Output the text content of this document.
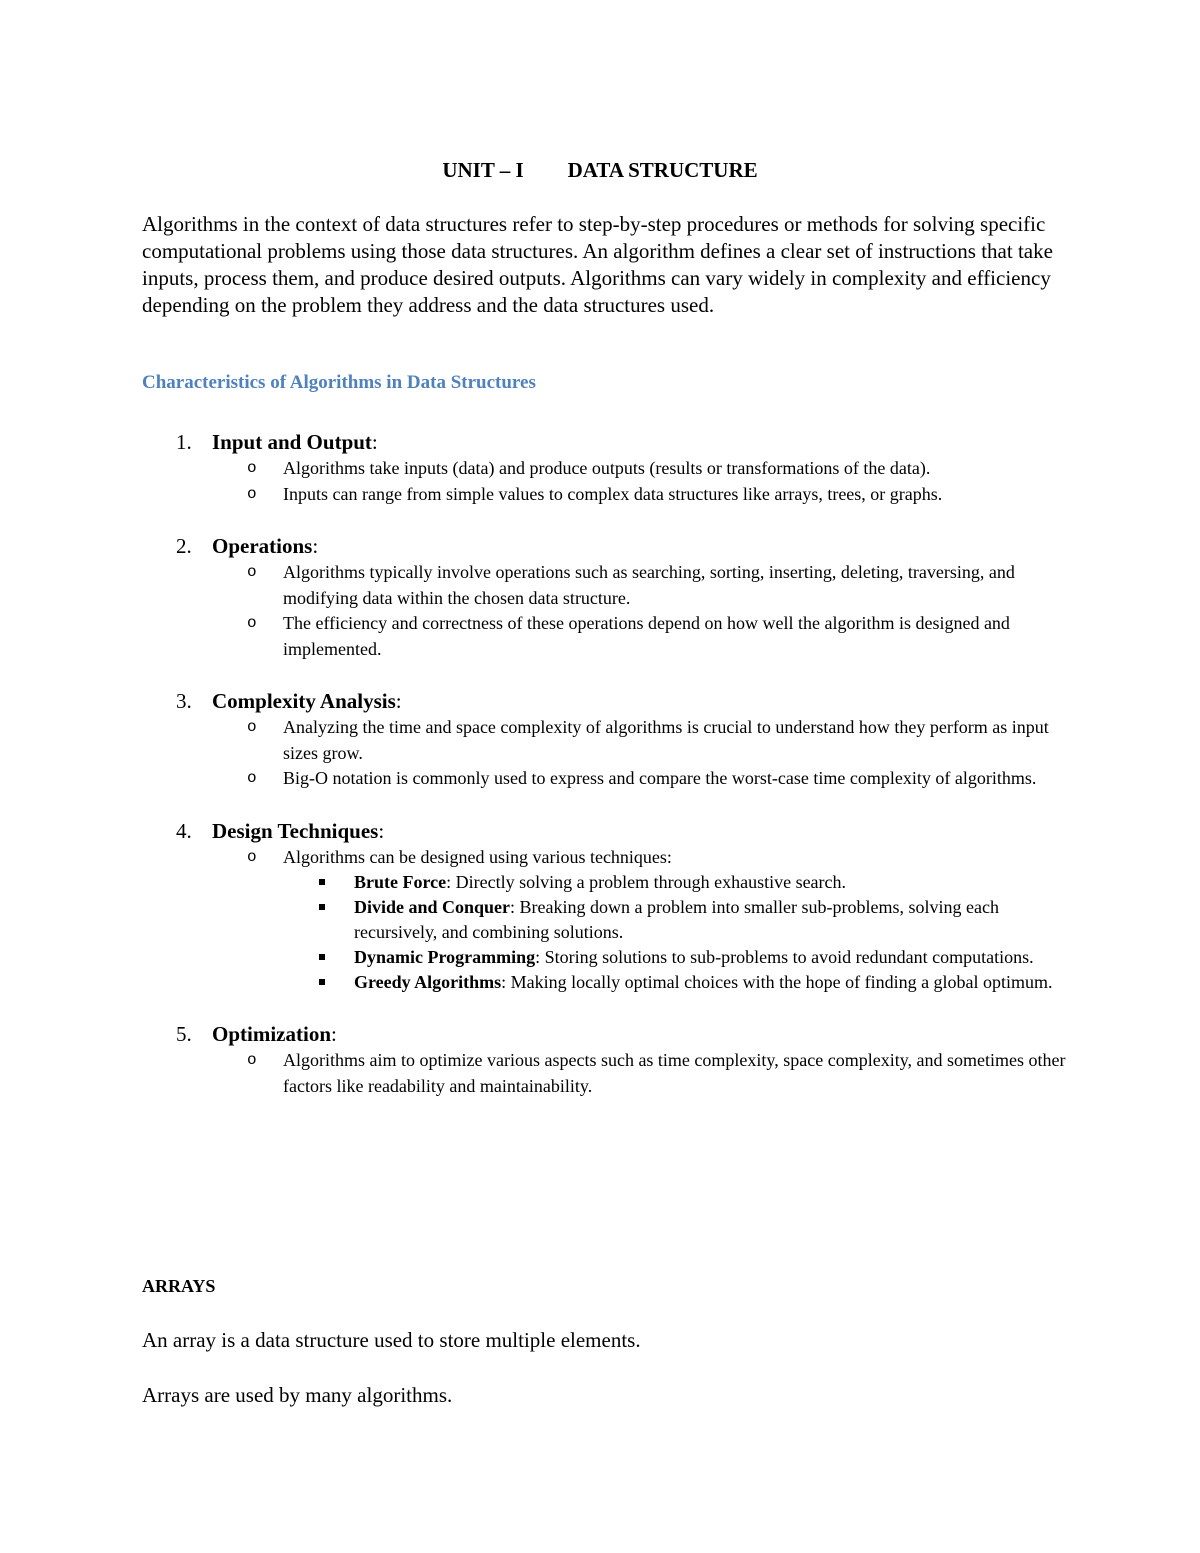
UNIT – I DATA STRUCTURE

Algorithms in the context of data structures refer to step-by-step procedures or methods for solving specific computational problems using those data structures. An algorithm defines a clear set of instructions that take inputs, process them, and produce desired outputs. Algorithms can vary widely in complexity and efficiency depending on the problem they address and the data structures used.

Characteristics of Algorithms in Data Structures
1. Input and Output:
o Algorithms take inputs (data) and produce outputs (results or transformations of the data).
o Inputs can range from simple values to complex data structures like arrays, trees, or graphs.
2. Operations:
o Algorithms typically involve operations such as searching, sorting, inserting, deleting, traversing, and modifying data within the chosen data structure.
o The efficiency and correctness of these operations depend on how well the algorithm is designed and implemented.
3. Complexity Analysis:
o Analyzing the time and space complexity of algorithms is crucial to understand how they perform as input sizes grow.
o Big-O notation is commonly used to express and compare the worst-case time complexity of algorithms.
4. Design Techniques:
o Algorithms can be designed using various techniques:
Brute Force: Directly solving a problem through exhaustive search.
Divide and Conquer: Breaking down a problem into smaller sub-problems, solving each recursively, and combining solutions.
Dynamic Programming: Storing solutions to sub-problems to avoid redundant computations.
Greedy Algorithms: Making locally optimal choices with the hope of finding a global optimum.
5. Optimization:
o Algorithms aim to optimize various aspects such as time complexity, space complexity, and sometimes other factors like readability and maintainability.
ARRAYS

An array is a data structure used to store multiple elements.

Arrays are used by many algorithms.
